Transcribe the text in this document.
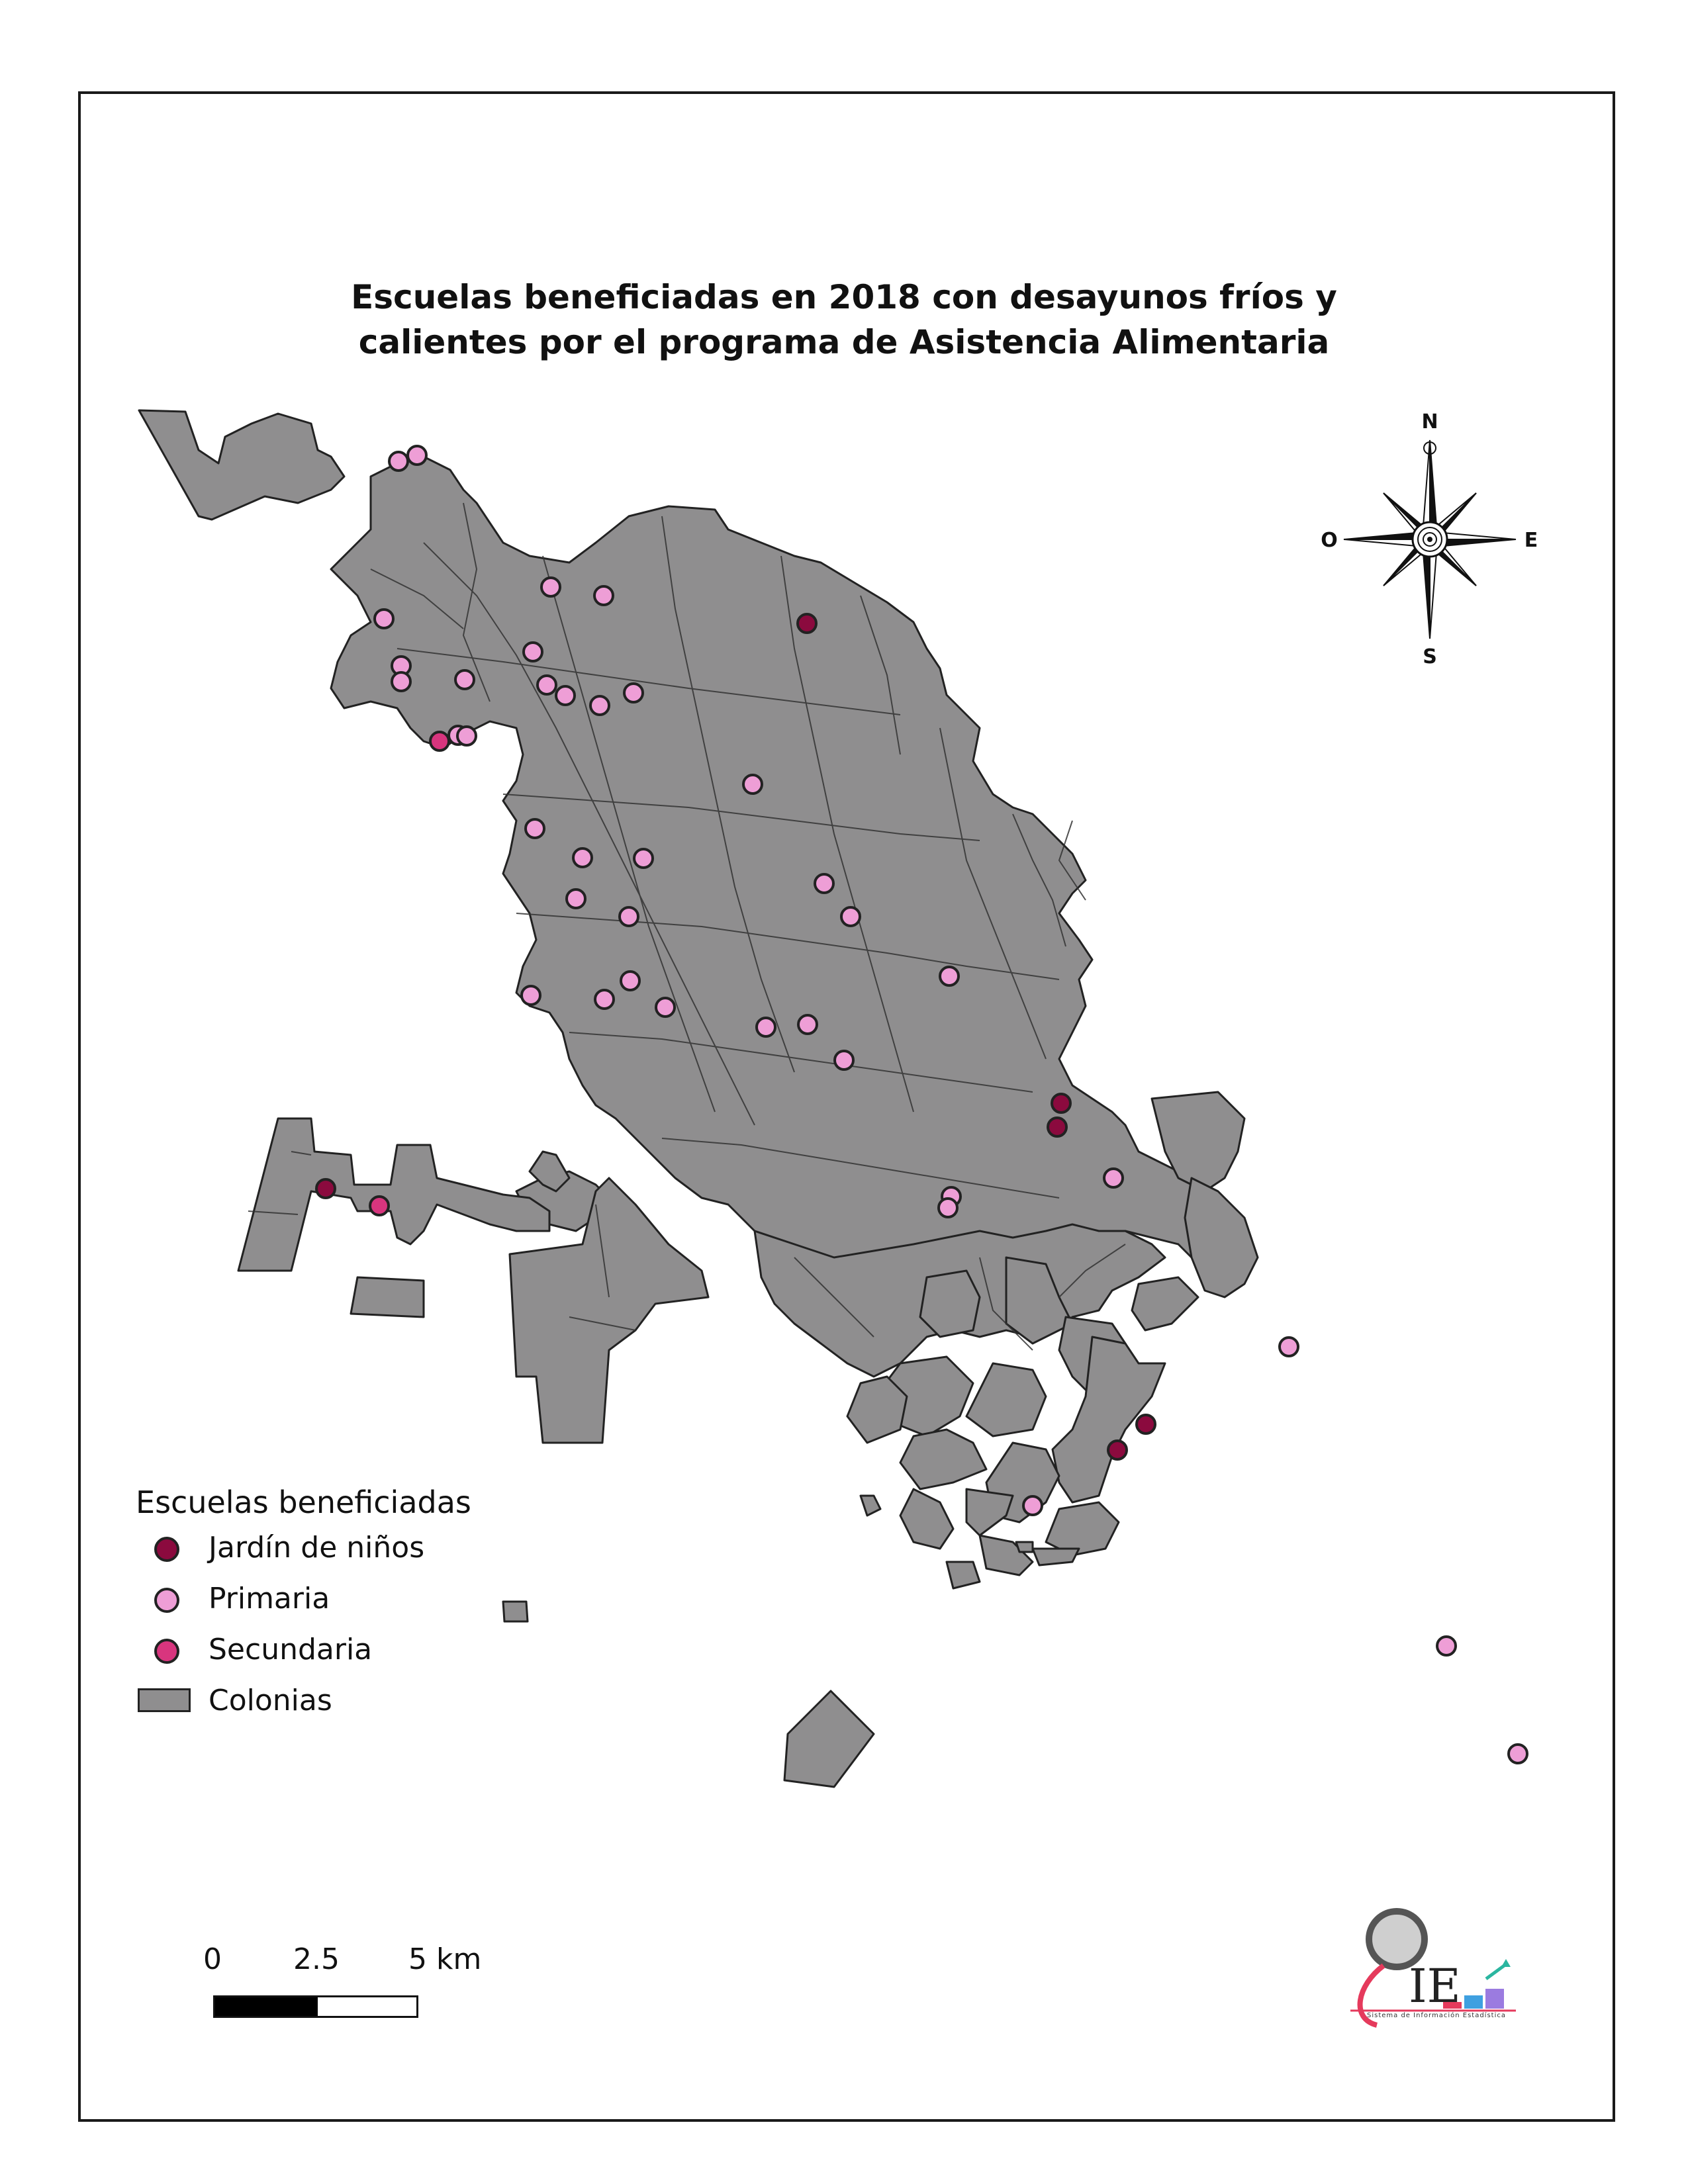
N
S
E
O
IE
Escuelas beneficiadas en 2018 con desayunos fríos y
calientes por el programa de Asistencia Alimentaria
Escuelas beneficiadas
Jardín de niños
Primaria
Secundaria
Colonias
0 2.5 5 km
Sistema de Información Estadística
